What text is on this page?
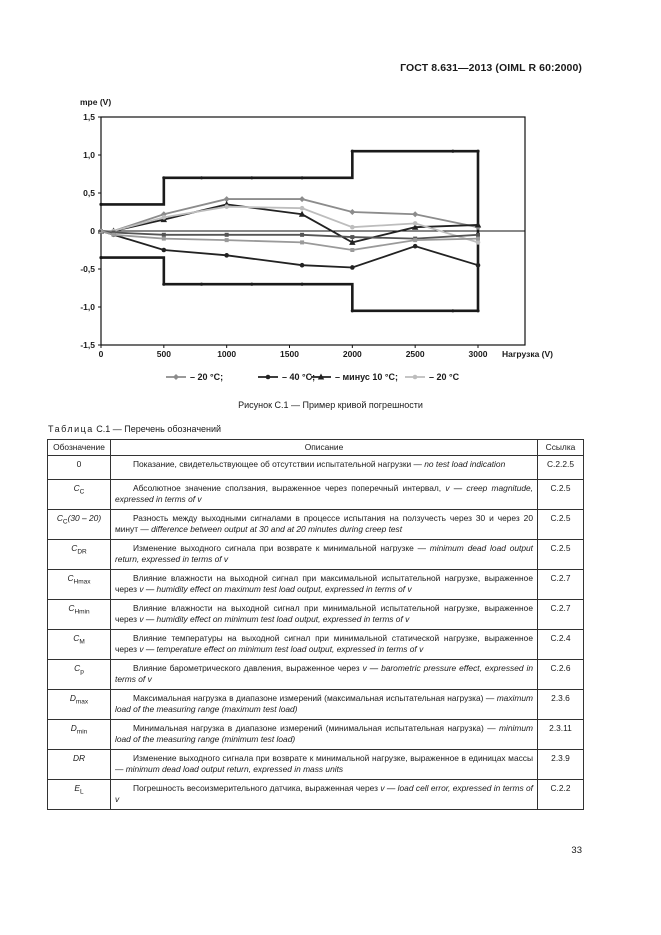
ГОСТ 8.631—2013 (OIML R 60:2000)
1,5
1,0
0,5
0
-0,5
-1,0
-1,5
0	500	1000	1500	2000	2500	3000
mpe (V)
Нагрузка (V)
– 20 °C;	– 40 °C; – минус 10 °C;	– 20 °C
Рисунок С.1 — Пример кривой погрешности
Таблица С.1 — Перечень обозначений
Обозначение	Описание	Ссылка
0	Показание, свидетельствующее об отсутствии испытательной нагрузки — no test load indication	С.2.2.5
$C_C$	Абсолютное значение сползания, выраженное через поперечный интервал, v — creep magnitude, expressed in terms of v	С.2.5
$C_C(30 - 20)$	Разность между выходными сигналами в процессе испытания на ползучесть через 30 и через 20 минут — difference between output at 30 and at 20 minutes during creep test	С.2.5
$C_{DR}$	Изменение выходного сигнала при возврате к минимальной нагрузке — minimum dead load output return, expressed in terms of v	С.2.5
$C_{Hmax}$	Влияние влажности на выходной сигнал при максимальной испытательной нагрузке, выраженное через v — humidity effect on maximum test load output, expressed in terms of v	С.2.7
$C_{Hmin}$	Влияние влажности на выходной сигнал при минимальной испытательной нагрузке, выраженное через v — humidity effect on minimum test load output, expressed in terms of v	С.2.7
$C_M$	Влияние температуры на выходной сигнал при минимальной статической нагрузке, выраженное через v — temperature effect on minimum test load output, expressed in terms of v	С.2.4
$C_p$	Влияние барометрического давления, выраженное через v — barometric pressure effect, expressed in terms of v	С.2.6
$D_{max}$	Максимальная нагрузка в диапазоне измерений (максимальная испытательная нагрузка) — maximum load of the measuring range (maximum test load)	2.3.6
$D_{min}$	Минимальная нагрузка в диапазоне измерений (минимальная испытательная нагрузка) — minimum load of the measuring range (minimum test load)	2.3.11
DR	Изменение выходного сигнала при возврате к минимальной нагрузке, выраженное в единицах массы — minimum dead load output return, expressed in mass units	2.3.9
$E_L$	Погрешность весоизмерительного датчика, выраженная через v — load cell error, expressed in terms of v	С.2.2
33
